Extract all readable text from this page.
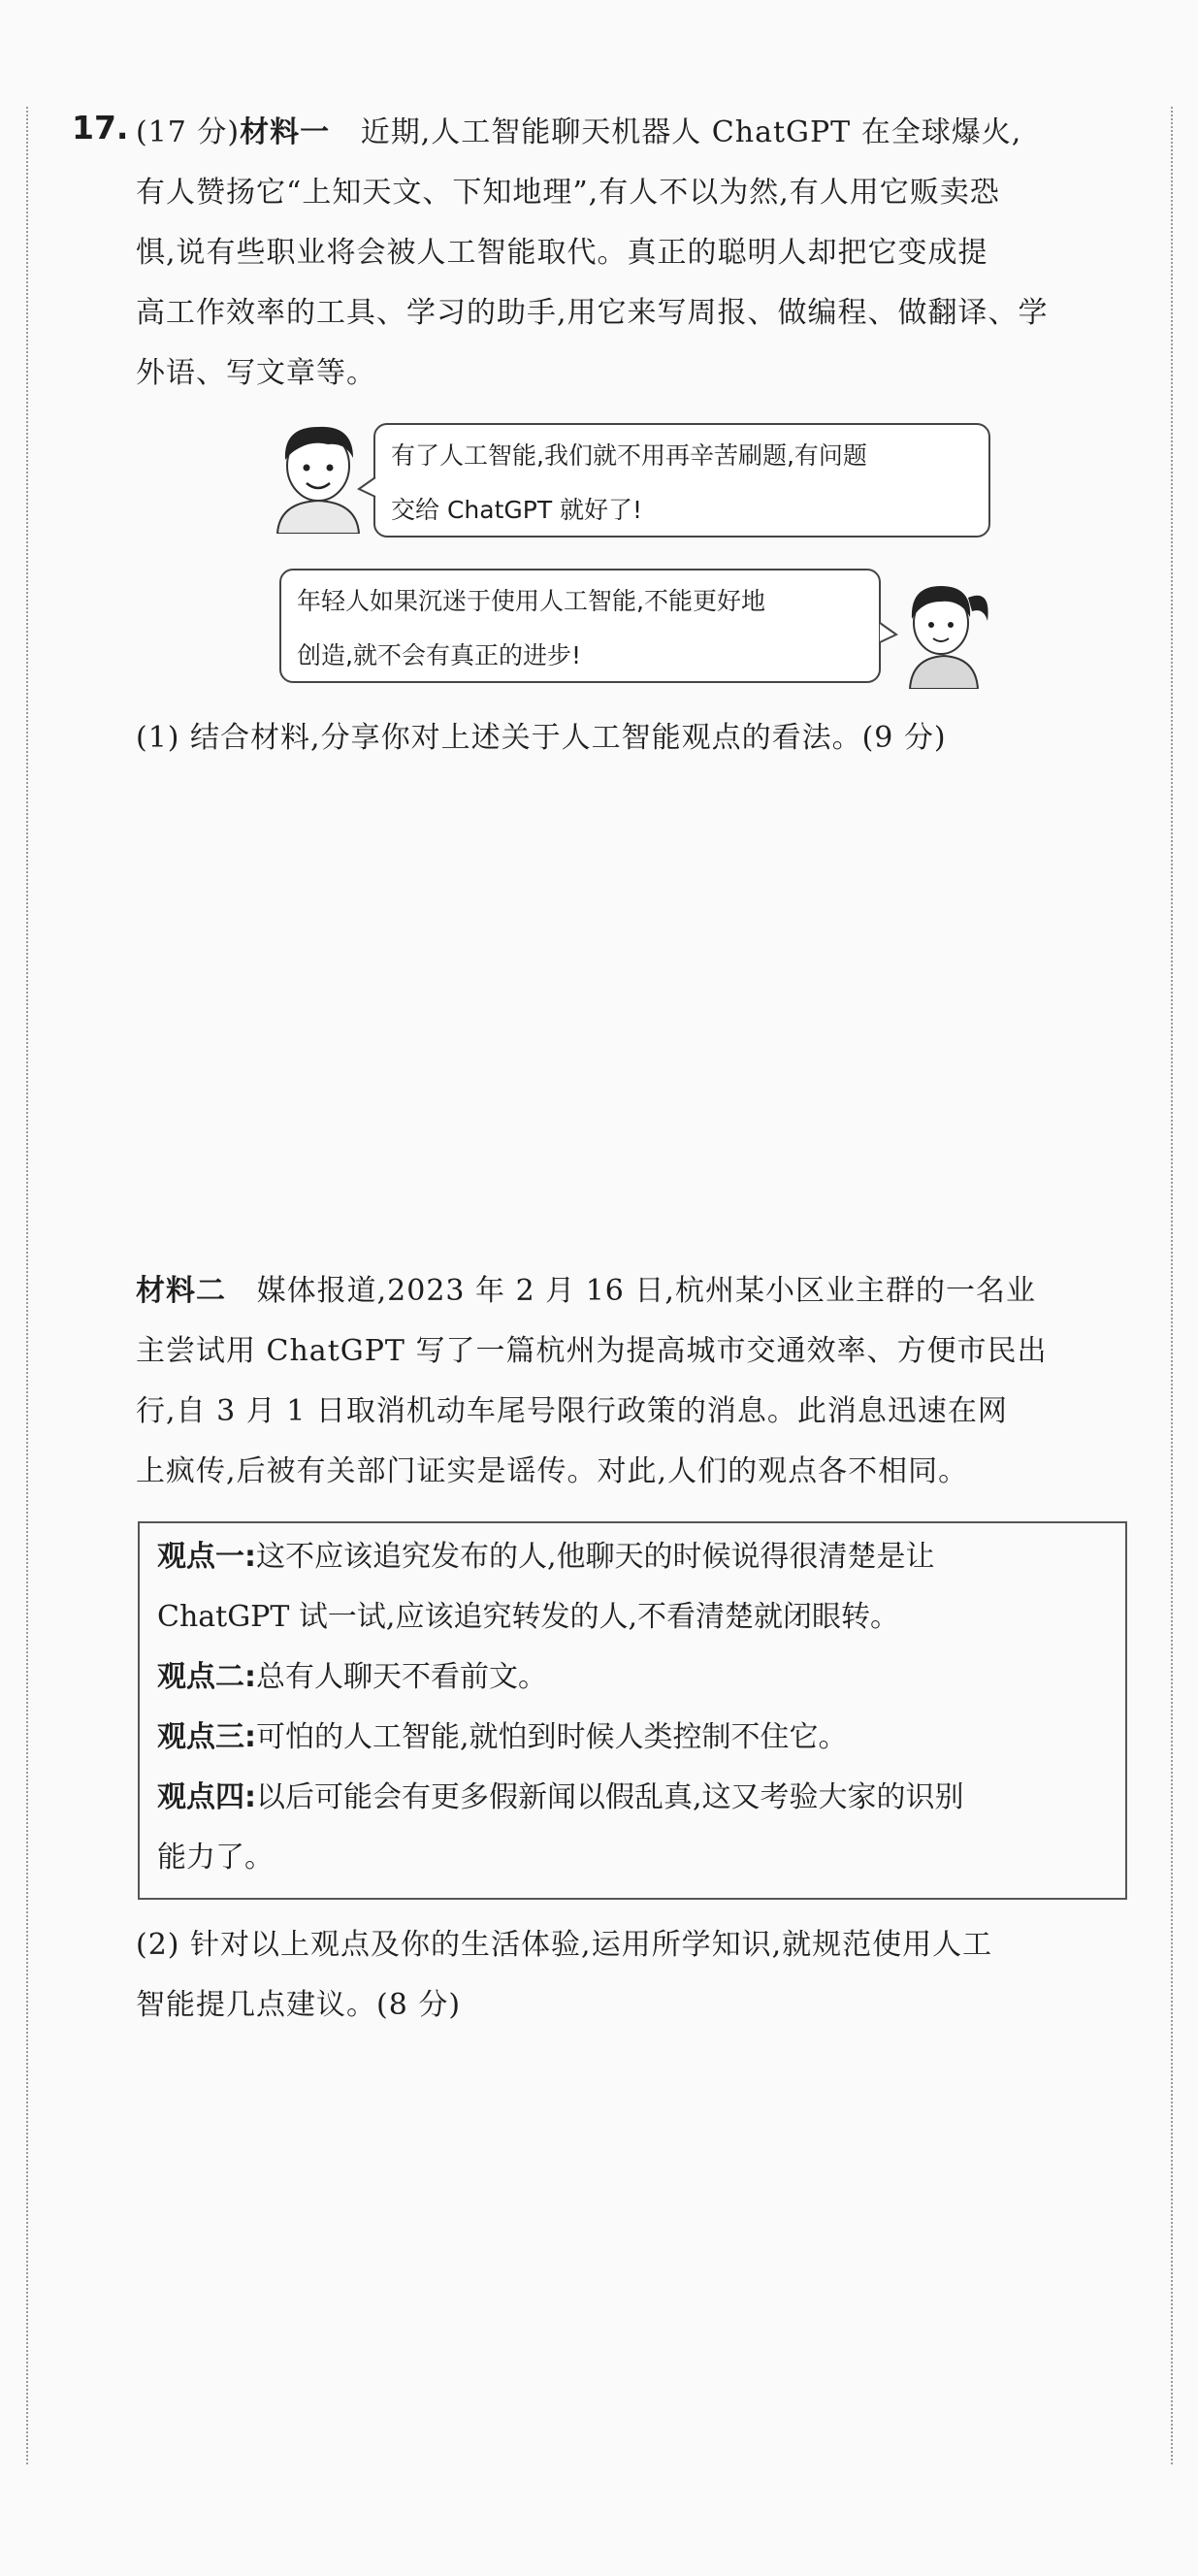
17. (17 分)材料一 近期,人工智能聊天机器人 ChatGPT 在全球爆火,
有人赞扬它“上知天文、下知地理”,有人不以为然,有人用它贩卖恐
惧,说有些职业将会被人工智能取代。真正的聪明人却把它变成提
高工作效率的工具、学习的助手,用它来写周报、做编程、做翻译、学
外语、写文章等。
有了人工智能,我们就不用再辛苦刷题,有问题
交给 ChatGPT 就好了!
年轻人如果沉迷于使用人工智能,不能更好地
创造,就不会有真正的进步!
(1) 结合材料,分享你对上述关于人工智能观点的看法。(9 分)
材料二 媒体报道,2023 年 2 月 16 日,杭州某小区业主群的一名业
主尝试用 ChatGPT 写了一篇杭州为提高城市交通效率、方便市民出
行,自 3 月 1 日取消机动车尾号限行政策的消息。此消息迅速在网
上疯传,后被有关部门证实是谣传。对此,人们的观点各不相同。
观点一:这不应该追究发布的人,他聊天的时候说得很清楚是让
ChatGPT 试一试,应该追究转发的人,不看清楚就闭眼转。
观点二:总有人聊天不看前文。
观点三:可怕的人工智能,就怕到时候人类控制不住它。
观点四:以后可能会有更多假新闻以假乱真,这又考验大家的识别
能力了。
(2) 针对以上观点及你的生活体验,运用所学知识,就规范使用人工
智能提几点建议。(8 分)
